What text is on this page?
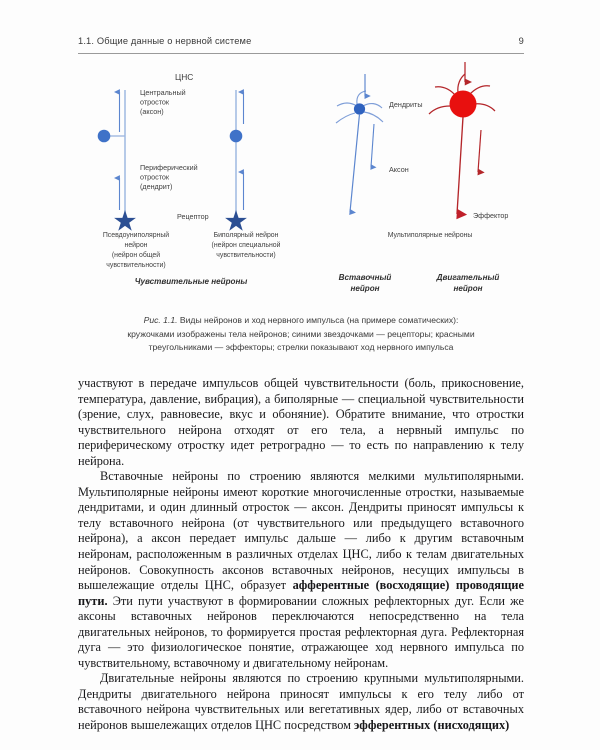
1.1. Общие данные о нервной системе	9
ЦНС
Центральный
отросток
(аксон)
Периферический
отросток
(дендрит)
Рецептор
Дендриты
Аксон
Эффектор
Псевдоуниполярный
нейрон
(нейрон общей
чувствительности)
Биполярный нейрон
(нейрон специальной
чувствительности)
Мультиполярные нейроны
Чувствительные нейроны	Вставочный
нейрон
Двигательный
нейрон
Рис. 1.1. Виды нейронов и ход нервного импульса (на примере соматических):
кружочками изображены тела нейронов; синими звездочками — рецепторы; красными
треугольниками — эффекторы; стрелки показывают ход нервного импульса

участвуют в передаче импульсов общей чувствительности (боль, прикосновение, температура, давление, вибрация), а биполярные — специальной чувствительности (зрение, слух, равновесие, вкус и обоняние). Обратите внимание, что отростки чувствительного нейрона отходят от его тела, а нервный импульс по периферическому отростку идет ретроградно — то есть по направлению к телу нейрона.

Вставочные нейроны по строению являются мелкими мультиполярными. Мультиполярные нейроны имеют короткие многочисленные отростки, называемые дендритами, и один длинный отросток — аксон. Дендриты приносят импульсы к телу вставочного нейрона (от чувствительного или предыдущего вставочного нейрона), а аксон передает импульс дальше — либо к другим вставочным нейронам, расположенным в различных отделах ЦНС, либо к телам двигательных нейронов. Совокупность аксонов вставочных нейронов, несущих импульсы в вышележащие отделы ЦНС, образует афферентные (восходящие) проводящие пути. Эти пути участвуют в формировании сложных рефлекторных дуг. Если же аксоны вставочных нейронов переключаются непосредственно на тела двигательных нейронов, то формируется простая рефлекторная дуга. Рефлекторная дуга — это физиологическое понятие, отражающее ход нервного импульса по чувствительному, вставочному и двигательному нейронам.

Двигательные нейроны являются по строению крупными мультиполярными. Дендриты двигательного нейрона приносят импульсы к его телу либо от вставочного нейрона чувствительных или вегетативных ядер, либо от вставочных нейронов вышележащих отделов ЦНС посредством эфферентных (нисходящих)
